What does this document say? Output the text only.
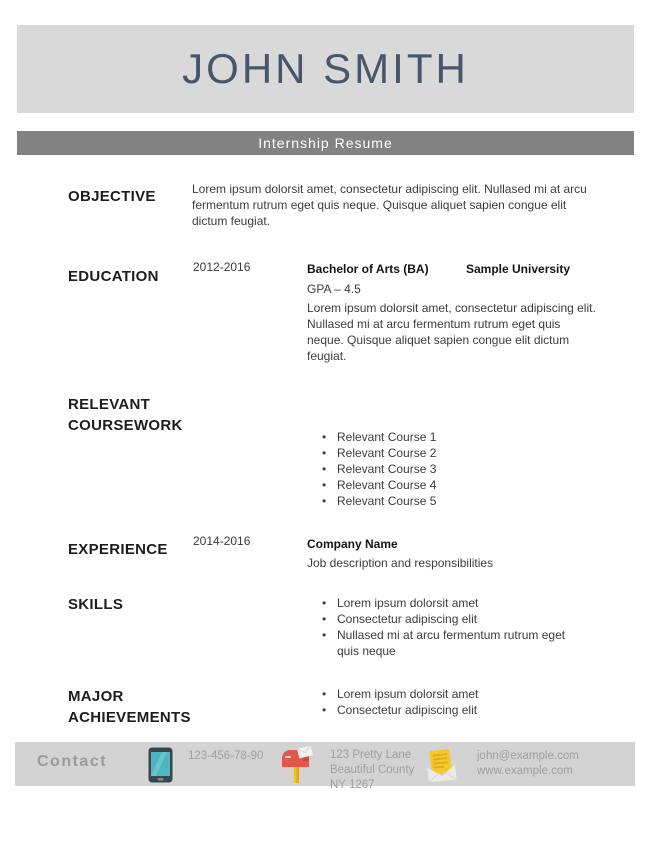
JOHN SMITH
Internship Resume
OBJECTIVE	Lorem ipsum dolorsit amet, consectetur adipiscing elit. Nullased mi at arcu fermentum rutrum eget quis neque. Quisque aliquet sapien congue elit dictum feugiat.
EDUCATION
2012-2016	Bachelor of Arts (BA)	Sample University
GPA – 4.5
Lorem ipsum dolorsit amet, consectetur adipiscing elit. Nullased mi at arcu fermentum rutrum eget quis neque. Quisque aliquet sapien congue elit dictum feugiat.
RELEVANT COURSEWORK
• Relevant Course 1
• Relevant Course 2
• Relevant Course 3
• Relevant Course 4
• Relevant Course 5
EXPERIENCE 2014-2016	Company Name
Job description and responsibilities
SKILLS	• Lorem ipsum dolorsit amet
• Consectetur adipiscing elit
• Nullased mi at arcu fermentum rutrum eget quis neque
MAJOR ACHIEVEMENTS
• Lorem ipsum dolorsit amet
• Consectetur adipiscing elit
Contact	123-456-78-90	123 Pretty Lane
Beautiful County
NY 1267
john@example.com
www.example.com
